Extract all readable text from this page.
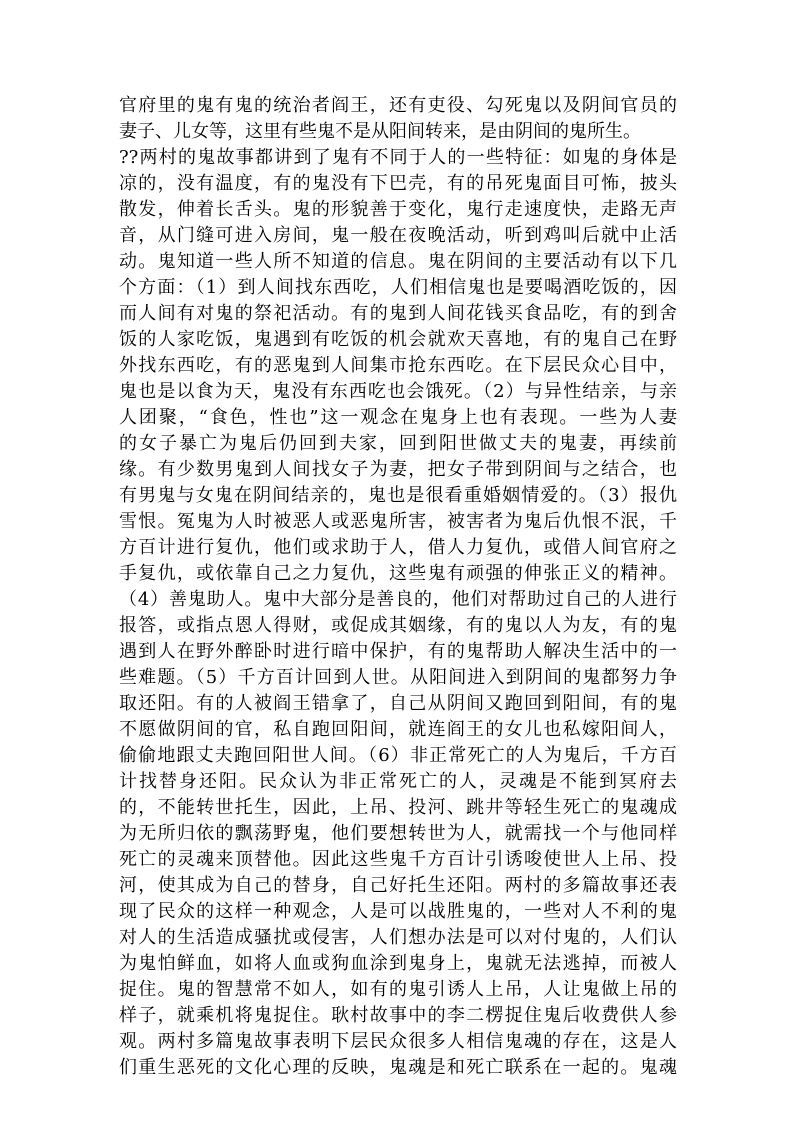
官府里的鬼有鬼的统治者阎王，还有吏役、勾死鬼以及阴间官员的
妻子、儿女等，这里有些鬼不是从阳间转来，是由阴间的鬼所生。
??两村的鬼故事都讲到了鬼有不同于人的一些特征：如鬼的身体是
凉的，没有温度，有的鬼没有下巴壳，有的吊死鬼面目可怖，披头
散发，伸着长舌头。鬼的形貌善于变化，鬼行走速度快，走路无声
音，从门缝可进入房间，鬼一般在夜晚活动，听到鸡叫后就中止活
动。鬼知道一些人所不知道的信息。鬼在阴间的主要活动有以下几
个方面：（1）到人间找东西吃，人们相信鬼也是要喝酒吃饭的，因
而人间有对鬼的祭祀活动。有的鬼到人间花钱买食品吃，有的到舍
饭的人家吃饭，鬼遇到有吃饭的机会就欢天喜地，有的鬼自己在野
外找东西吃，有的恶鬼到人间集市抢东西吃。在下层民众心目中，
鬼也是以食为天，鬼没有东西吃也会饿死。（2）与异性结亲，与亲
人团聚，“食色，性也”这一观念在鬼身上也有表现。一些为人妻
的女子暴亡为鬼后仍回到夫家，回到阳世做丈夫的鬼妻，再续前
缘。有少数男鬼到人间找女子为妻，把女子带到阴间与之结合，也
有男鬼与女鬼在阴间结亲的，鬼也是很看重婚姻情爱的。（3）报仇
雪恨。冤鬼为人时被恶人或恶鬼所害，被害者为鬼后仇恨不泯，千
方百计进行复仇，他们或求助于人，借人力复仇，或借人间官府之
手复仇，或依靠自己之力复仇，这些鬼有顽强的伸张正义的精神。
（4）善鬼助人。鬼中大部分是善良的，他们对帮助过自己的人进行
报答，或指点恩人得财，或促成其姻缘，有的鬼以人为友，有的鬼
遇到人在野外醉卧时进行暗中保护，有的鬼帮助人解决生活中的一
些难题。（5）千方百计回到人世。从阳间进入到阴间的鬼都努力争
取还阳。有的人被阎王错拿了，自己从阴间又跑回到阳间，有的鬼
不愿做阴间的官，私自跑回阳间，就连阎王的女儿也私嫁阳间人，
偷偷地跟丈夫跑回阳世人间。（6）非正常死亡的人为鬼后，千方百
计找替身还阳。民众认为非正常死亡的人，灵魂是不能到冥府去
的，不能转世托生，因此，上吊、投河、跳井等轻生死亡的鬼魂成
为无所归依的飘荡野鬼，他们要想转世为人，就需找一个与他同样
死亡的灵魂来顶替他。因此这些鬼千方百计引诱唆使世人上吊、投
河，使其成为自己的替身，自己好托生还阳。两村的多篇故事还表
现了民众的这样一种观念，人是可以战胜鬼的，一些对人不利的鬼
对人的生活造成骚扰或侵害，人们想办法是可以对付鬼的，人们认
为鬼怕鲜血，如将人血或狗血涂到鬼身上，鬼就无法逃掉，而被人
捉住。鬼的智慧常不如人，如有的鬼引诱人上吊，人让鬼做上吊的
样子，就乘机将鬼捉住。耿村故事中的李二楞捉住鬼后收费供人参
观。两村多篇鬼故事表明下层民众很多人相信鬼魂的存在，这是人
们重生恶死的文化心理的反映，鬼魂是和死亡联系在一起的。鬼魂
